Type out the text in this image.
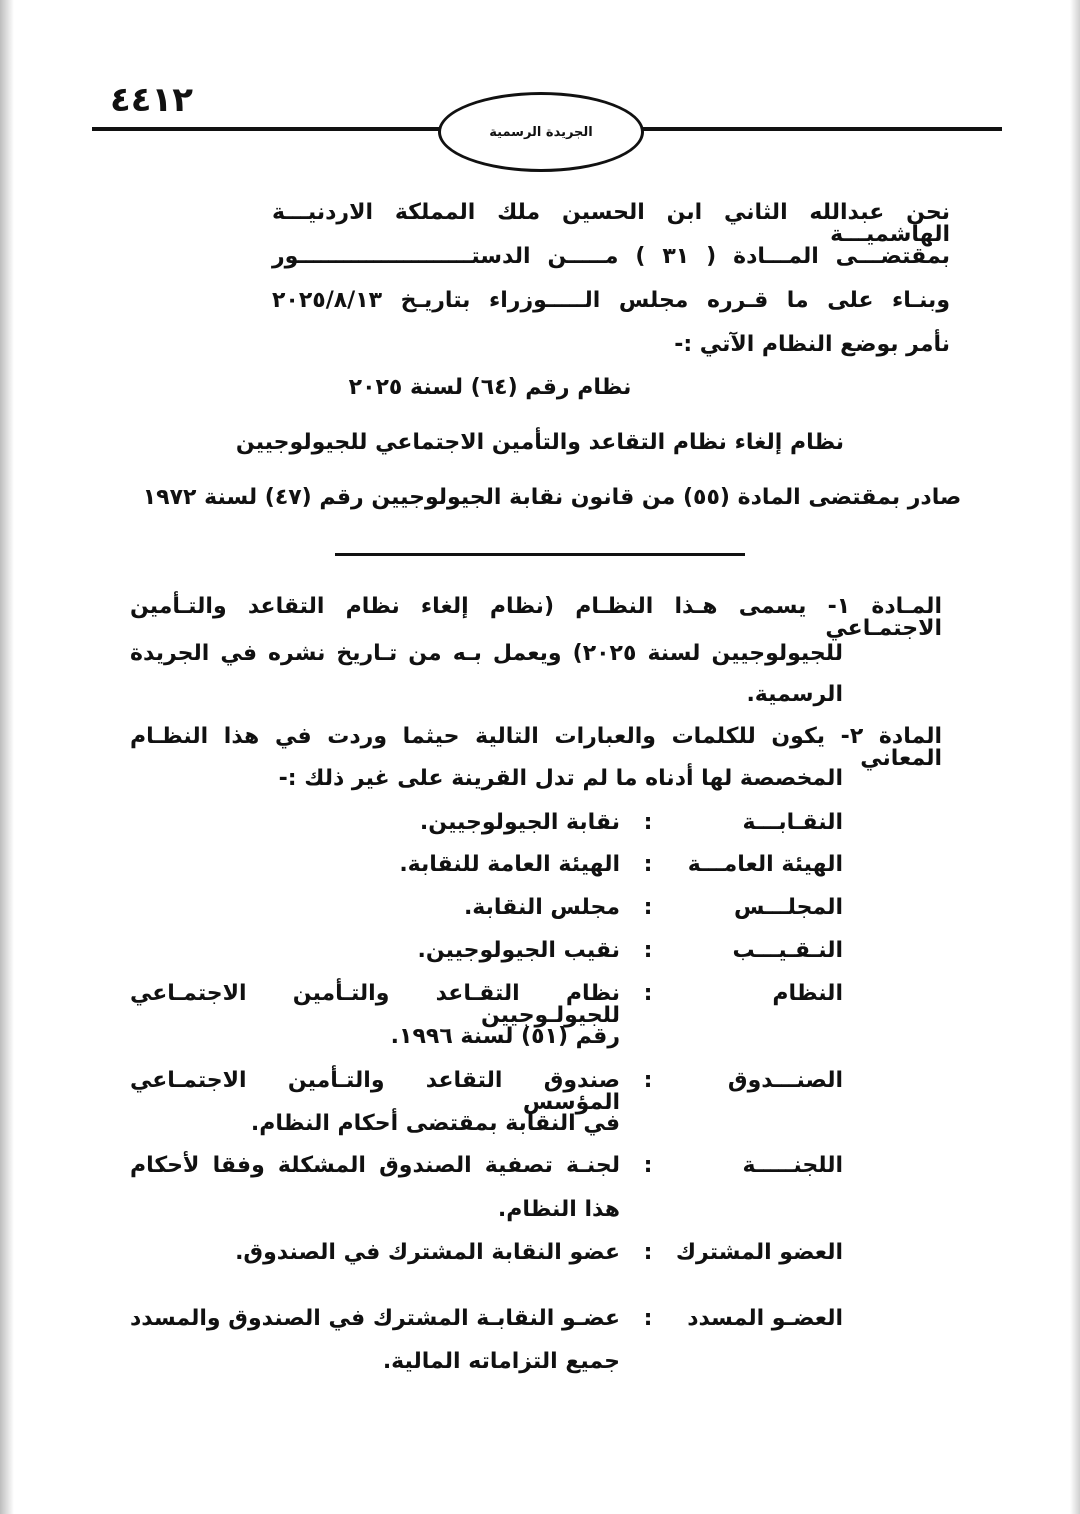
٤٤١٢
الجريدة الرسمية
نحن عبدالله الثاني ابن الحسين ملك المملكة الاردنيـــة الهاشميـــة
بمقتضـــى المـــادة ( ٣١ ) مـــــن الدستـــــــــــــــــــــــور
وبنـاء على ما قـرره مجلس الـــــوزراء بتاريـخ ٢٠٢٥/٨/١٣
نأمر بوضع النظام الآتي :-
نظام رقم (٦٤) لسنة ٢٠٢٥
نظام إلغاء نظام التقاعد والتأمين الاجتماعي للجيولوجيين
صادر بمقتضى المادة (٥٥) من قانون نقابة الجيولوجيين رقم (٤٧) لسنة ١٩٧٢
المـادة ١- يسمى هـذا النظـام (نظام إلغاء نظام التقاعد والتـأمين الاجتمـاعي
للجيولوجيين لسنة ٢٠٢٥) ويعمل بـه من تـاريخ نشره في الجريدة
الرسمية.
المادة ٢- يكون للكلمات والعبارات التالية حيثما وردت في هذا النظـام المعاني
المخصصة لها أدناه ما لم تدل القرينة على غير ذلك :-
النقـابـــة
:
نقابة الجيولوجيين.
الهيئة العامـــة
:
الهيئة العامة للنقابة.
المجلـــس
:
مجلس النقابة.
النـقـيـــب
:
نقيب الجيولوجيين.
النظام
:
نظام التقـاعد والتـأمين الاجتمـاعي للجيولـوجيين
رقم (٥١) لسنة ١٩٩٦.
الصنـــدوق
:
صندوق التقاعد والتـأمين الاجتمـاعي المؤسس
في النقابة بمقتضى أحكام النظام.
اللجنـــــة
:
لجنـة تصفية الصندوق المشكلة وفقا لأحكام
هذا النظام.
العضو المشترك
:
عضو النقابة المشترك في الصندوق.
العضـو المسدد
:
عضـو النقابـة المشترك في الصندوق والمسدد
جميع التزاماته المالية.
